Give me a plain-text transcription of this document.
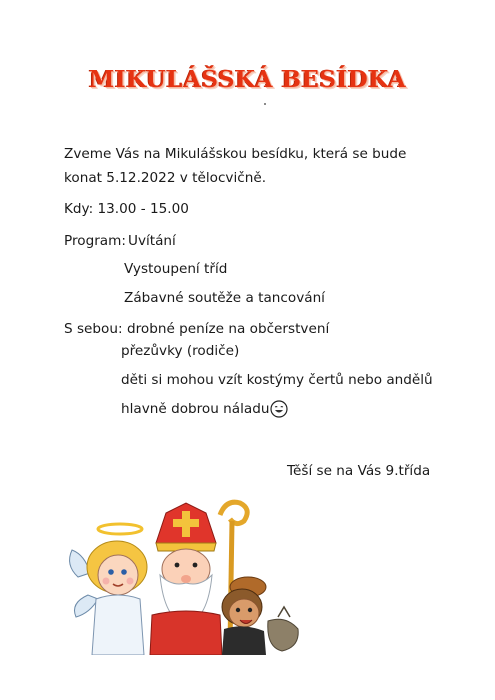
MIKULÁŠSKÁ BESÍDKA
Zveme Vás na Mikulášskou besídku, která se bude
konat 5.12.2022 v tělocvičně.
Kdy: 13.00 - 15.00
Program: Uvítání
Vystoupení tříd
Zábavné soutěže a tancování
S sebou: drobné peníze na občerstvení
přezůvky (rodiče)
děti si mohou vzít kostýmy čertů nebo andělů
hlavně dobrou náladu
Těší se na Vás 9.třída
